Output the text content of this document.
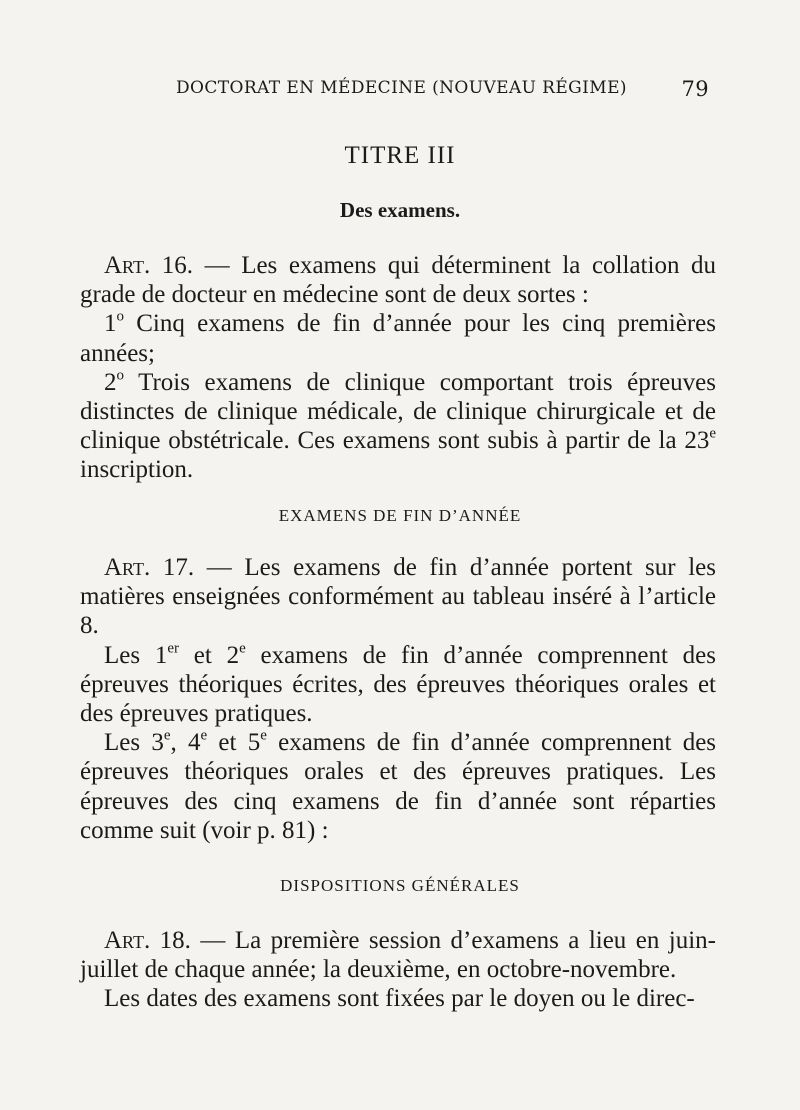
DOCTORAT EN MÉDECINE (NOUVEAU RÉGIME)	79
TITRE III
Des examens.

Art. 16. — Les examens qui déterminent la collation du grade de docteur en médecine sont de deux sortes :

1$^o$ Cinq examens de fin d’année pour les cinq premières années;

2$^o$ Trois examens de clinique comportant trois épreuves distinctes de clinique médicale, de clinique chirurgicale et de clinique obstétricale. Ces examens sont subis à partir de la 23e inscription.

EXAMENS DE FIN D’ANNÉE

Art. 17. — Les examens de fin d’année portent sur les matières enseignées conformément au tableau inséré à l’article 8.

Les 1er et 2e examens de fin d’année comprennent des épreuves théoriques écrites, des épreuves théoriques orales et des épreuves pratiques.

Les 3e, 4e et 5e examens de fin d’année comprennent des épreuves théoriques orales et des épreuves pratiques. Les épreuves des cinq examens de fin d’année sont réparties comme suit (voir p. 81) :

DISPOSITIONS GÉNÉRALES

Art. 18. — La première session d’examens a lieu en juin-juillet de chaque année; la deuxième, en octobre-novembre.

Les dates des examens sont fixées par le doyen ou le direc-
